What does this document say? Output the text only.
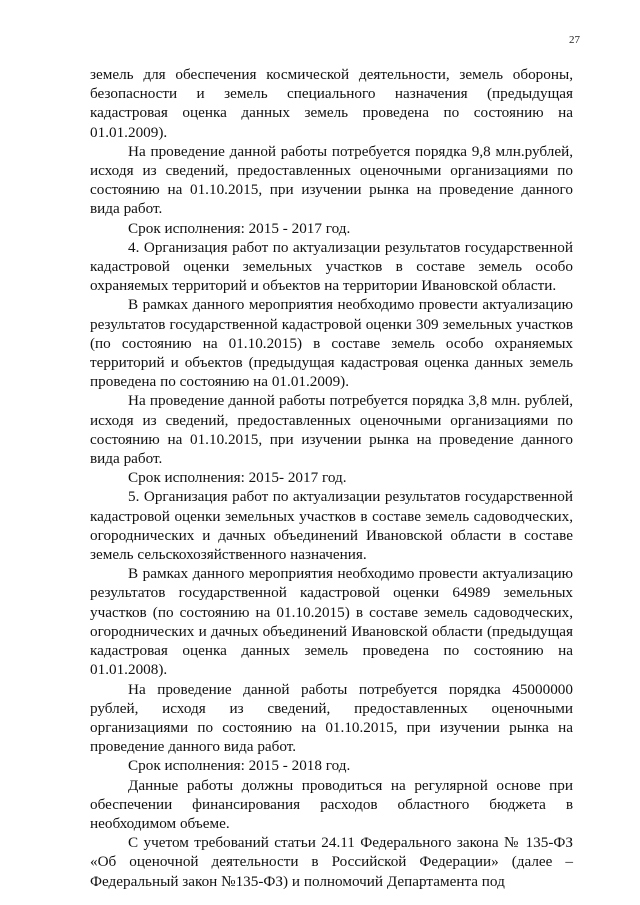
27

земель для обеспечения космической деятельности, земель обороны, безопасности и земель специального назначения (предыдущая кадастровая оценка данных земель проведена по состоянию на 01.01.2009).

На проведение данной работы потребуется порядка 9,8 млн.рублей, исходя из сведений, предоставленных оценочными организациями по состоянию на 01.10.2015, при изучении рынка на проведение данного вида работ.

Срок исполнения: 2015 - 2017 год.

4. Организация работ по актуализации результатов государственной кадастровой оценки земельных участков в составе земель особо охраняемых территорий и объектов на территории Ивановской области.

В рамках данного мероприятия необходимо провести актуализацию результатов государственной кадастровой оценки 309 земельных участков (по состоянию на 01.10.2015) в составе земель особо охраняемых территорий и объектов (предыдущая кадастровая оценка данных земель проведена по состоянию на 01.01.2009).

На проведение данной работы потребуется порядка 3,8 млн. рублей, исходя из сведений, предоставленных оценочными организациями по состоянию на 01.10.2015, при изучении рынка на проведение данного вида работ.

Срок исполнения: 2015- 2017 год.

5. Организация работ по актуализации результатов государственной кадастровой оценки земельных участков в составе земель садоводческих, огороднических и дачных объединений Ивановской области в составе земель сельскохозяйственного назначения.

В рамках данного мероприятия необходимо провести актуализацию результатов государственной кадастровой оценки 64989 земельных участков (по состоянию на 01.10.2015) в составе земель садоводческих, огороднических и дачных объединений Ивановской области (предыдущая кадастровая оценка данных земель проведена по состоянию на 01.01.2008).

На проведение данной работы потребуется порядка 45000000 рублей, исходя из сведений, предоставленных оценочными организациями по состоянию на 01.10.2015, при изучении рынка на проведение данного вида работ.

Срок исполнения: 2015 - 2018 год.

Данные работы должны проводиться на регулярной основе при обеспечении финансирования расходов областного бюджета в необходимом объеме.

С учетом требований статьи 24.11 Федерального закона № 135-ФЗ «Об оценочной деятельности в Российской Федерации» (далее – Федеральный закон №135-ФЗ) и полномочий Департамента под
